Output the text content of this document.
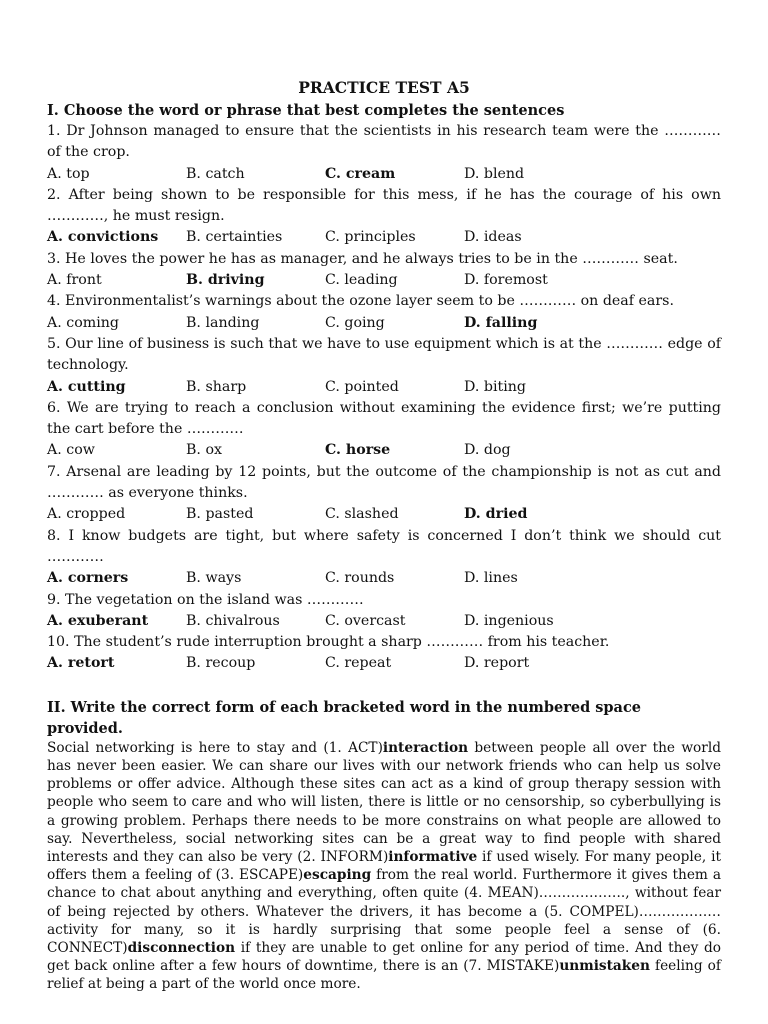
PRACTICE TEST A5
I. Choose the word or phrase that best completes the sentences
1. Dr Johnson managed to ensure that the scientists in his research team were the ………… of the crop.
A. top	B. catch	C. cream	D. blend
2. After being shown to be responsible for this mess, if he has the courage of his own …………, he must resign.
A. convictions	B. certainties	C. principles	D. ideas
3. He loves the power he has as manager, and he always tries to be in the ………… seat.
A. front	B. driving	C. leading	D. foremost
4. Environmentalist’s warnings about the ozone layer seem to be ………… on deaf ears.
A. coming	B. landing	C. going	D. falling
5. Our line of business is such that we have to use equipment which is at the ………… edge of technology.
A. cutting	B. sharp	C. pointed	D. biting
6. We are trying to reach a conclusion without examining the evidence first; we’re putting the cart before the …………
A. cow	B. ox	C. horse	D. dog
7. Arsenal are leading by 12 points, but the outcome of the championship is not as cut and ………… as everyone thinks.
A. cropped	B. pasted	C. slashed	D. dried
8. I know budgets are tight, but where safety is concerned I don’t think we should cut …………
A. corners	B. ways	C. rounds	D. lines
9. The vegetation on the island was …………
A. exuberant	B. chivalrous	C. overcast	D. ingenious
10. The student’s rude interruption brought a sharp ………… from his teacher.
A. retort	B. recoup	C. repeat	D. report
II. Write the correct form of each bracketed word in the numbered space provided.
Social networking is here to stay and (1. ACT)interaction between people all over the world has never been easier. We can share our lives with our network friends who can help us solve problems or offer advice. Although these sites can act as a kind of group therapy session with people who seem to care and who will listen, there is little or no censorship, so cyberbullying is a growing problem. Perhaps there needs to be more constrains on what people are allowed to say. Nevertheless, social networking sites can be a great way to find people with shared interests and they can also be very (2. INFORM)informative if used wisely. For many people, it offers them a feeling of (3. ESCAPE)escaping from the real world. Furthermore it gives them a chance to chat about anything and everything, often quite (4. MEAN)………………., without fear of being rejected by others. Whatever the drivers, it has become a (5. COMPEL)……………… activity for many, so it is hardly surprising that some people feel a sense of (6. CONNECT)disconnection if they are unable to get online for any period of time. And they do get back online after a few hours of downtime, there is an (7. MISTAKE)unmistaken feeling of relief at being a part of the world once more.
